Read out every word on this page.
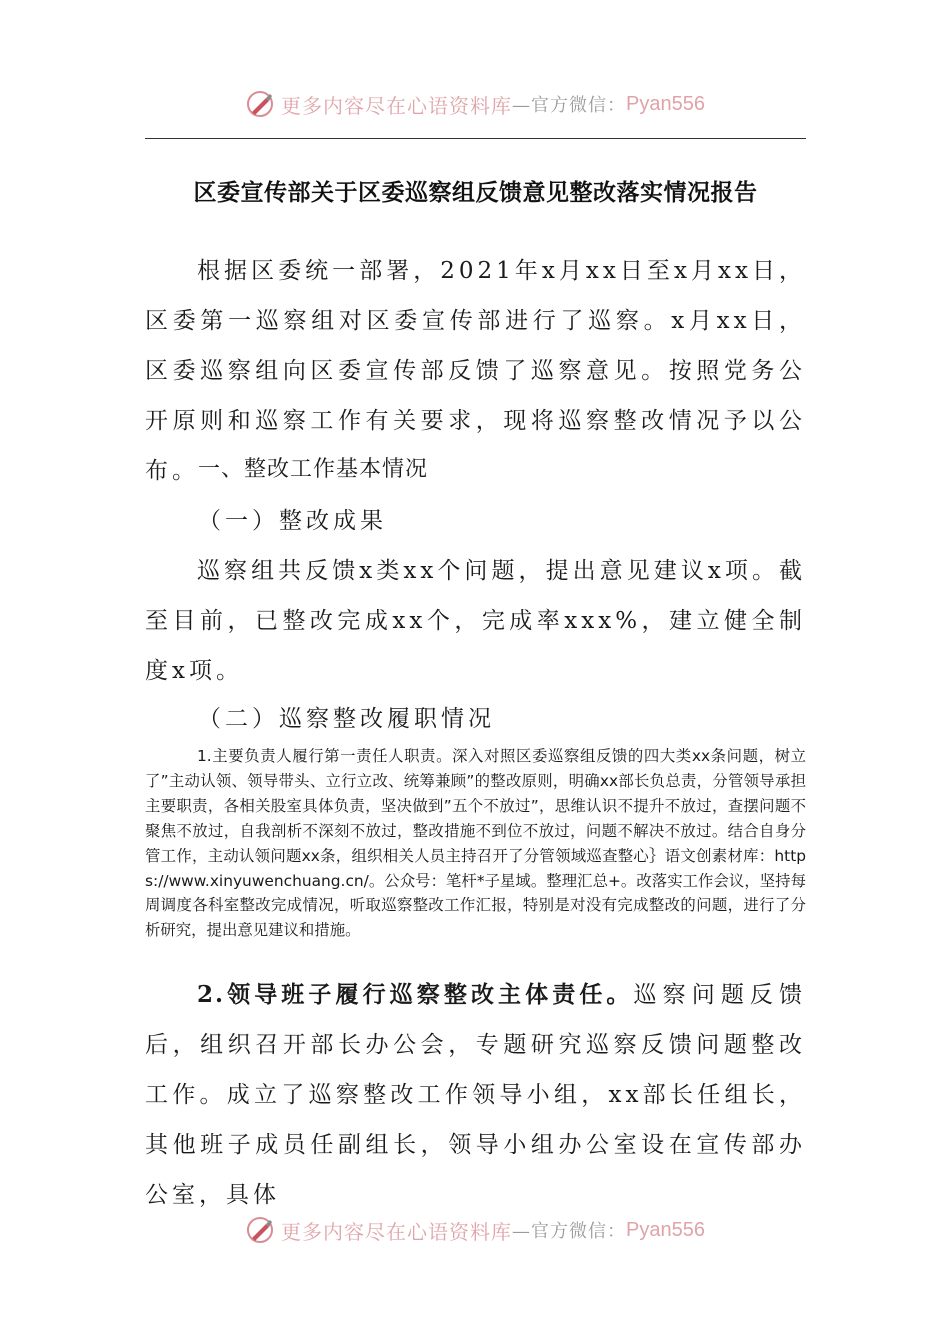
更多内容尽在心语资料库 —官方微信： Pyan556
区委宣传部关于区委巡察组反馈意见整改落实情况报告

根据区委统一部署，2021年x月xx日至x月xx日，区委第一巡察组对区委宣传部进行了巡察。x月xx日，区委巡察组向区委宣传部反馈了巡察意见。按照党务公开原则和巡察工作有关要求，现将巡察整改情况予以公布。 一、整改工作基本情况

（一）整改成果

巡察组共反馈x类xx个问题，提出意见建议x项。截至目前，已整改完成xx个，完成率xxx%，建立健全制度x项。

（二）巡察整改履职情况

1.主要负责人履行第一责任人职责。深入对照区委巡察组反馈的四大类xx条问题，树立了”主动认领、领导带头、立行立改、统筹兼顾”的整改原则，明确xx部长负总责，分管领导承担主要职责，各相关股室具体负责，坚决做到”五个不放过”，思维认识不提升不放过，查摆问题不聚焦不放过，自我剖析不深刻不放过，整改措施不到位不放过，问题不解决不放过。结合自身分管工作，主动认领问题xx条，组织相关人员主持召开了分管领域巡查整心｝语文创素材库：https://www.xinyuwenchuang.cn/。公众号：笔杆*子星域。整理汇总+。改落实工作会议，坚持每周调度各科室整改完成情况，听取巡察整改工作汇报，特别是对没有完成整改的问题，进行了分析研究，提出意见建议和措施。

2.领导班子履行巡察整改主体责任。巡察问题反馈后，组织召开部长办公会，专题研究巡察反馈问题整改工作。成立了巡察整改工作领导小组，xx部长任组长，其他班子成员任副组长，领导小组办公室设在宣传部办公室，具体

更多内容尽在心语资料库 —官方微信： Pyan556
